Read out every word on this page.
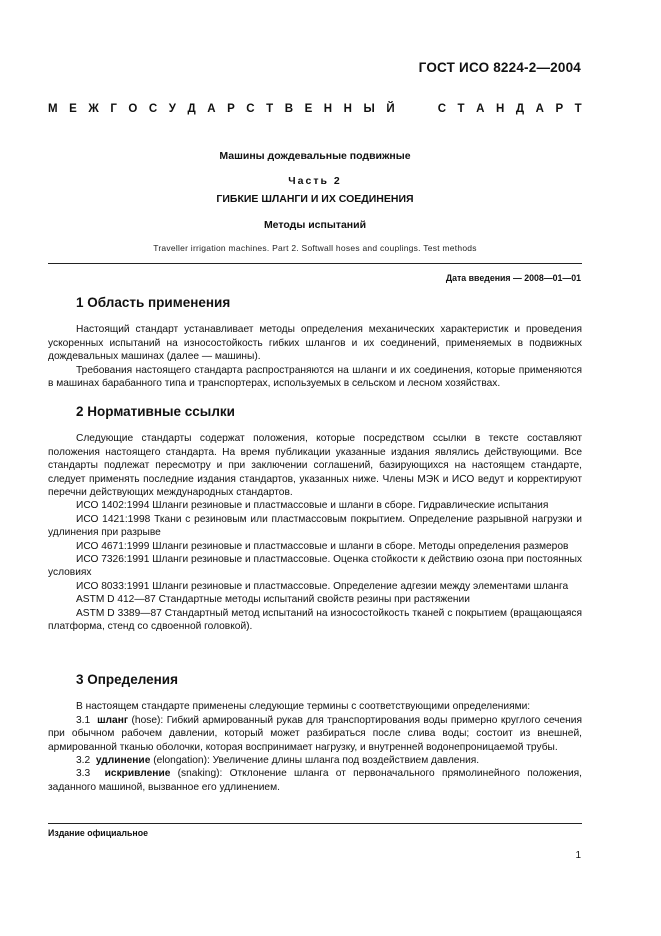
ГОСТ ИСО 8224-2—2004
М Е Ж Г О С У Д А Р С Т В Е Н Н Ы Й	С Т А Н Д А Р Т
Машины дождевальные подвижные
Часть 2
ГИБКИЕ ШЛАНГИ И ИХ СОЕДИНЕНИЯ
Методы испытаний
Traveller irrigation machines. Part 2. Softwall hoses and couplings. Test methods
Дата введения — 2008—01—01
1 Область применения

Настоящий стандарт устанавливает методы определения механических характеристик и проведения ускоренных испытаний на износостойкость гибких шлангов и их соединений, применяемых в подвижных дождевальных машинах (далее — машины).

Требования настоящего стандарта распространяются на шланги и их соединения, которые применяются в машинах барабанного типа и транспортерах, используемых в сельском и лесном хозяйствах.

2 Нормативные ссылки

Следующие стандарты содержат положения, которые посредством ссылки в тексте составляют положения настоящего стандарта. На время публикации указанные издания являлись действующими. Все стандарты подлежат пересмотру и при заключении соглашений, базирующихся на настоящем стандарте, следует применять последние издания стандартов, указанных ниже. Члены МЭК и ИСО ведут и корректируют перечни действующих международных стандартов.

ИСО 1402:1994 Шланги резиновые и пластмассовые и шланги в сборе. Гидравлические испытания

ИСО 1421:1998 Ткани с резиновым или пластмассовым покрытием. Определение разрывной нагрузки и удлинения при разрыве

ИСО 4671:1999 Шланги резиновые и пластмассовые и шланги в сборе. Методы определения размеров

ИСО 7326:1991 Шланги резиновые и пластмассовые. Оценка стойкости к действию озона при постоянных условиях

ИСО 8033:1991 Шланги резиновые и пластмассовые. Определение адгезии между элементами шланга

ASTM D 412—87 Стандартные методы испытаний свойств резины при растяжении

ASTM D 3389—87 Стандартный метод испытаний на износостойкость тканей с покрытием (вращающаяся платформа, стенд со сдвоенной головкой).

3 Определения

В настоящем стандарте применены следующие термины с соответствующими определениями:

3.1 шланг (hose): Гибкий армированный рукав для транспортирования воды примерно круглого сечения при обычном рабочем давлении, который может разбираться после слива воды; состоит из внешней, армированной тканью оболочки, которая воспринимает нагрузку, и внутренней водонепроницаемой трубы.

3.2 удлинение (elongation): Увеличение длины шланга под воздействием давления.

3.3 искривление (snaking): Отклонение шланга от первоначального прямолинейного положения, заданного машиной, вызванное его удлинением.

Издание официальное
1
